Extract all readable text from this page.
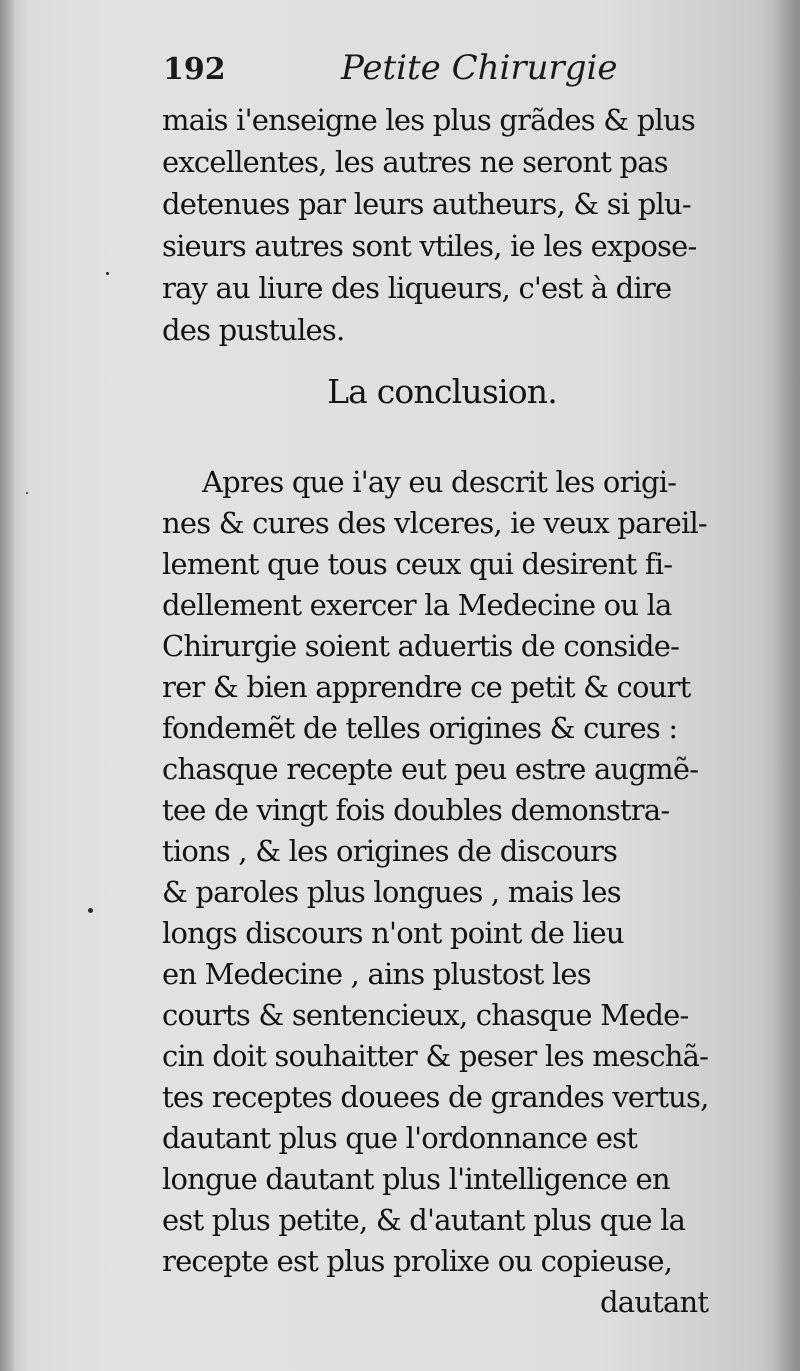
192	Petite Chirurgie
mais i'enseigne les plus grãdes & plus
excellentes, les autres ne seront pas
detenues par leurs autheurs, & si plu-
sieurs autres sont vtiles, ie les expose-
ray au liure des liqueurs, c'est à dire
des pustules.
La conclusion.
Apres que i'ay eu descrit les origi-
nes & cures des vlceres, ie veux pareil-
lement que tous ceux qui desirent fi-
dellement exercer la Medecine ou la
Chirurgie soient aduertis de conside-
rer & bien apprendre ce petit & court
fondemẽt de telles origines & cures :
chasque recepte eut peu estre augmẽ-
tee de vingt fois doubles demonstra-
tions , & les origines de discours
& paroles plus longues , mais les
longs discours n'ont point de lieu
en Medecine , ains plustost les
courts & sentencieux, chasque Mede-
cin doit souhaitter & peser les meschã-
tes receptes douees de grandes vertus,
dautant plus que l'ordonnance est
longue dautant plus l'intelligence en
est plus petite, & d'autant plus que la
recepte est plus prolixe ou copieuse,
dautant
